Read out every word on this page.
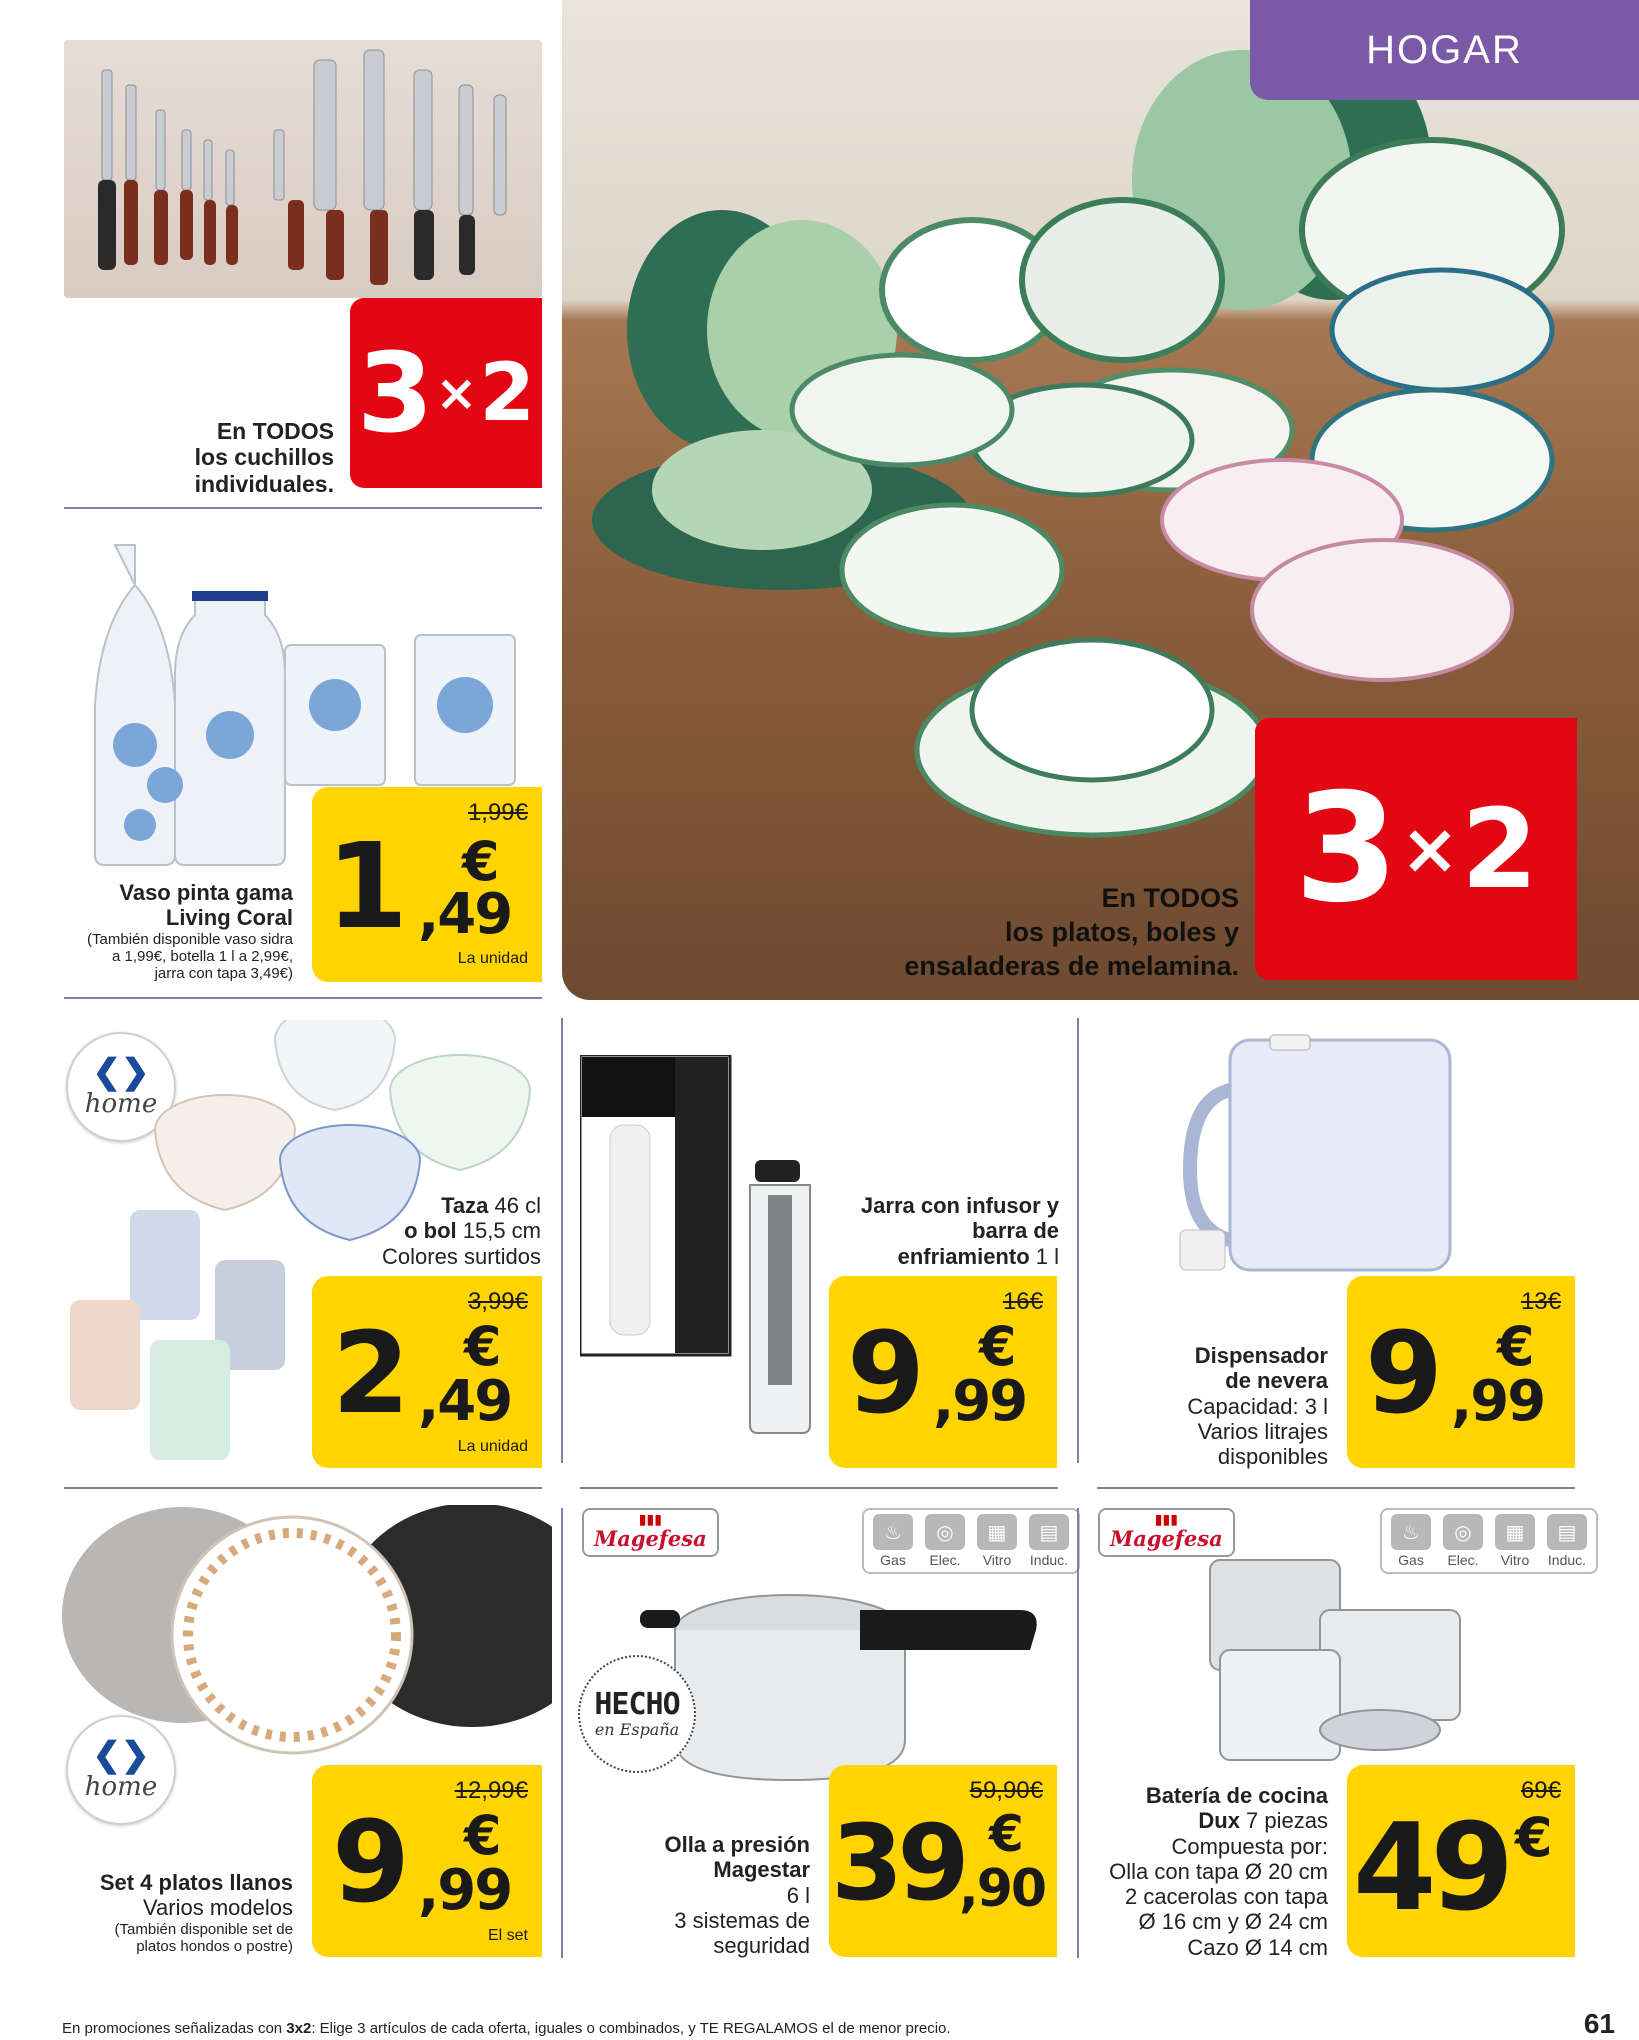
3 × 2
En TODOS
los platos, boles y
ensaladeras de melamina.
HOGAR
3 × 2
En TODOS
los cuchillos
individuales.
1,99€
1 €
,49
La unidad
Vaso pinta gama
Living Coral
(También disponible vaso sidra
a 1,99€, botella 1 l a 2,99€,
jarra con tapa 3,49€)
❮❯
home
3,99€
2 €
,49
La unidad
Taza 46 cl
o bol 15,5 cm
Colores surtidos
16€
9 €
,99
Jarra con infusor y
barra de
enfriamiento 1 l
13€
9 €
,99
Dispensador
de nevera
Capacidad: 3 l
Varios litrajes
disponibles
❮❯
home	12,99€
9 €
,99
El set
Set 4 platos llanos
Varios modelos
(También disponible set de
platos hondos o postre)
▮▮▮
Magefesa	♨
Gas
◎
Elec.
▦
Vitro
▤
Induc.
HECHO
en España
59,90€
39 €
,90
Olla a presión
Magestar
6 l
3 sistemas de
seguridad
▮▮▮
Magefesa	♨
Gas
◎
Elec.
▦
Vitro
▤
Induc.
69€
49 €
Batería de cocina
Dux 7 piezas
Compuesta por:
Olla con tapa Ø 20 cm
2 cacerolas con tapa
Ø 16 cm y Ø 24 cm
Cazo Ø 14 cm
En promociones señalizadas con 3x2: Elige 3 artículos de cada oferta, iguales o combinados, y TE REGALAMOS el de menor precio.	61
